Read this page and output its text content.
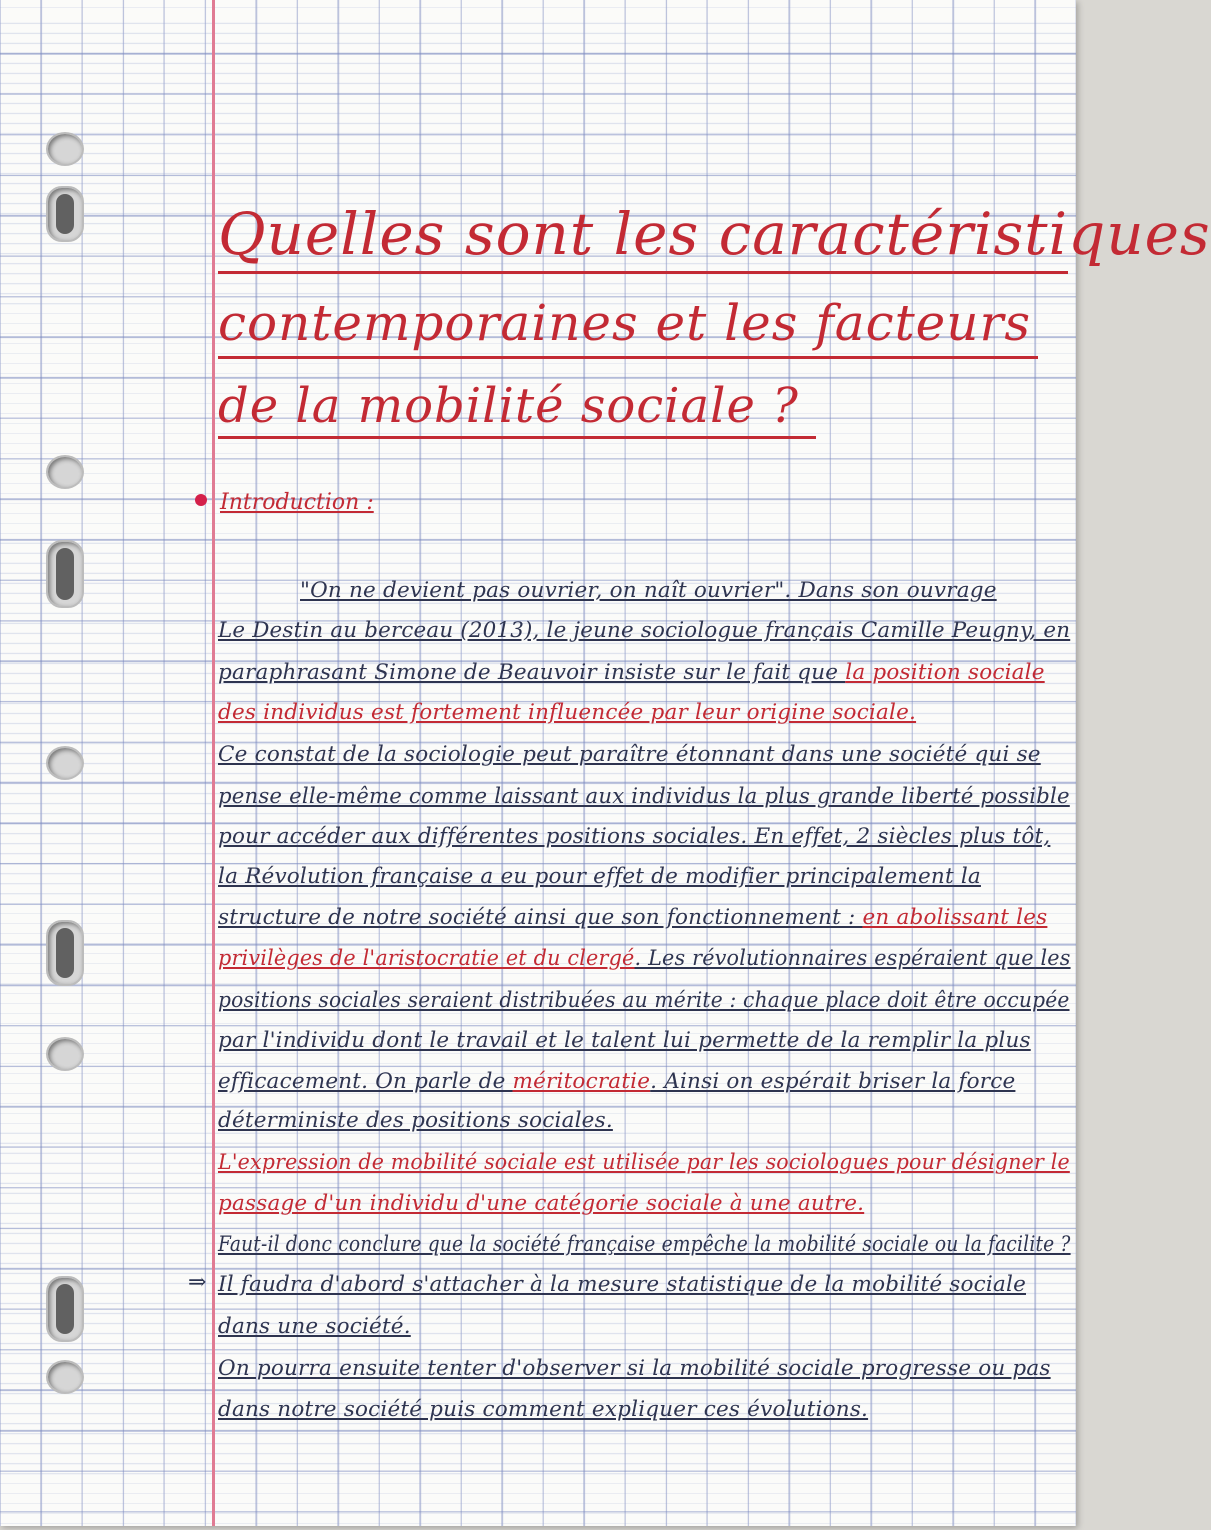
Quelles sont les caractéristiques
contemporaines et les facteurs
de la mobilité sociale ?
Introduction :
⇒
"On ne devient pas ouvrier, on naît ouvrier". Dans son ouvrage
Le Destin au berceau (2013), le jeune sociologue français Camille Peugny, en
paraphrasant Simone de Beauvoir insiste sur le fait que la position sociale
des individus est fortement influencée par leur origine sociale.
Ce constat de la sociologie peut paraître étonnant dans une société qui se
pense elle-même comme laissant aux individus la plus grande liberté possible
pour accéder aux différentes positions sociales. En effet, 2 siècles plus tôt,
la Révolution française a eu pour effet de modifier principalement la
structure de notre société ainsi que son fonctionnement : en abolissant les
privilèges de l'aristocratie et du clergé. Les révolutionnaires espéraient que les
positions sociales seraient distribuées au mérite : chaque place doit être occupée
par l'individu dont le travail et le talent lui permette de la remplir la plus
efficacement. On parle de méritocratie. Ainsi on espérait briser la force
déterministe des positions sociales.
L'expression de mobilité sociale est utilisée par les sociologues pour désigner le
passage d'un individu d'une catégorie sociale à une autre.
Faut-il donc conclure que la société française empêche la mobilité sociale ou la facilite ?
Il faudra d'abord s'attacher à la mesure statistique de la mobilité sociale
dans une société.
On pourra ensuite tenter d'observer si la mobilité sociale progresse ou pas
dans notre société puis comment expliquer ces évolutions.
